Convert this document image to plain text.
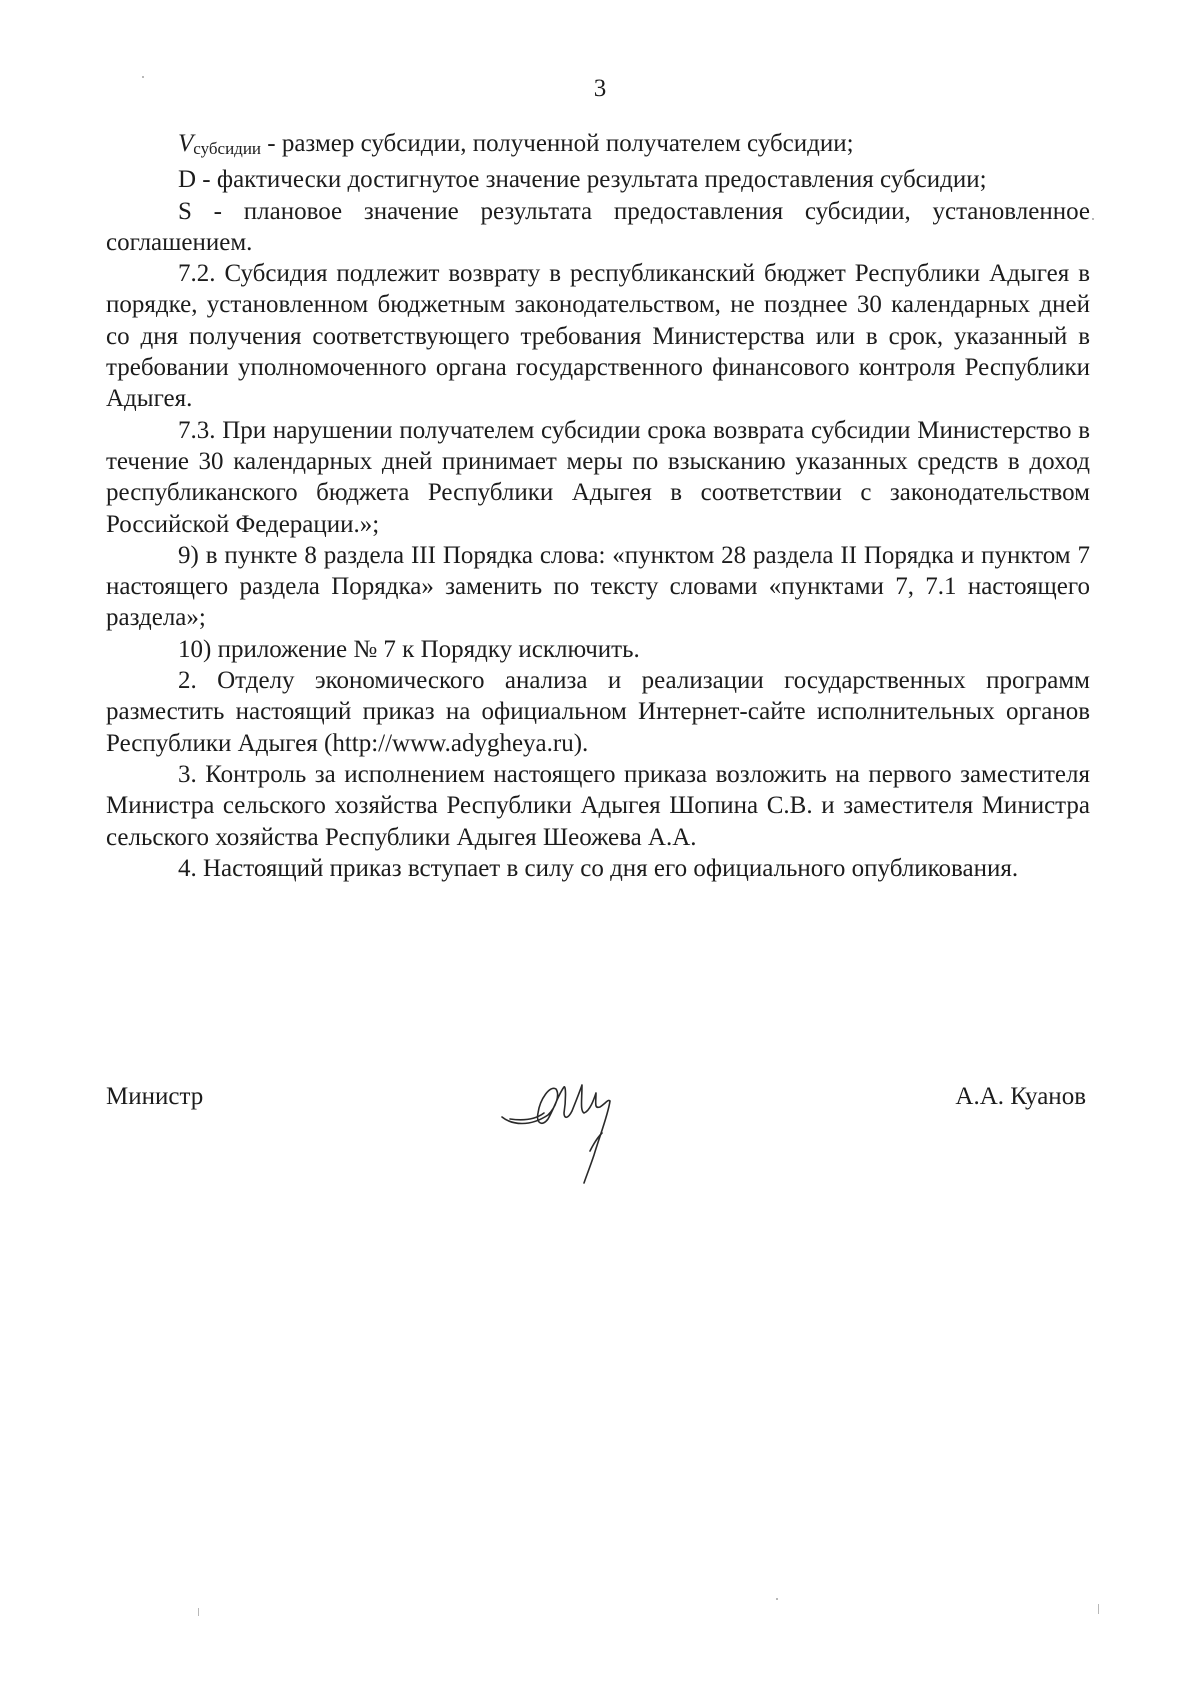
3

Vсубсидии - размер субсидии, полученной получателем субсидии;

D - фактически достигнутое значение результата предоставления субсидии;

S - плановое значение результата предоставления субсидии, установленное соглашением.

7.2. Субсидия подлежит возврату в республиканский бюджет Республики Адыгея в порядке, установленном бюджетным законодательством, не позднее 30 календарных дней со дня получения соответствующего требования Министерства или в срок, указанный в требовании уполномоченного органа государственного финансового контроля Республики Адыгея.

7.3. При нарушении получателем субсидии срока возврата субсидии Министерство в течение 30 календарных дней принимает меры по взысканию указанных средств в доход республиканского бюджета Республики Адыгея в соответствии с законодательством Российской Федерации.»;

9) в пункте 8 раздела III Порядка слова: «пунктом 28 раздела II Порядка и пунктом 7 настоящего раздела Порядка» заменить по тексту словами «пунктами 7, 7.1 настоящего раздела»;

10) приложение № 7 к Порядку исключить.

2. Отделу экономического анализа и реализации государственных программ разместить настоящий приказ на официальном Интернет-сайте исполнительных органов Республики Адыгея (http://www.adygheya.ru).

3. Контроль за исполнением настоящего приказа возложить на первого заместителя Министра сельского хозяйства Республики Адыгея Шопина С.В. и заместителя Министра сельского хозяйства Республики Адыгея Шеожева А.А.

4. Настоящий приказ вступает в силу со дня его официального опубликования.

Министр	А.А. Куанов
